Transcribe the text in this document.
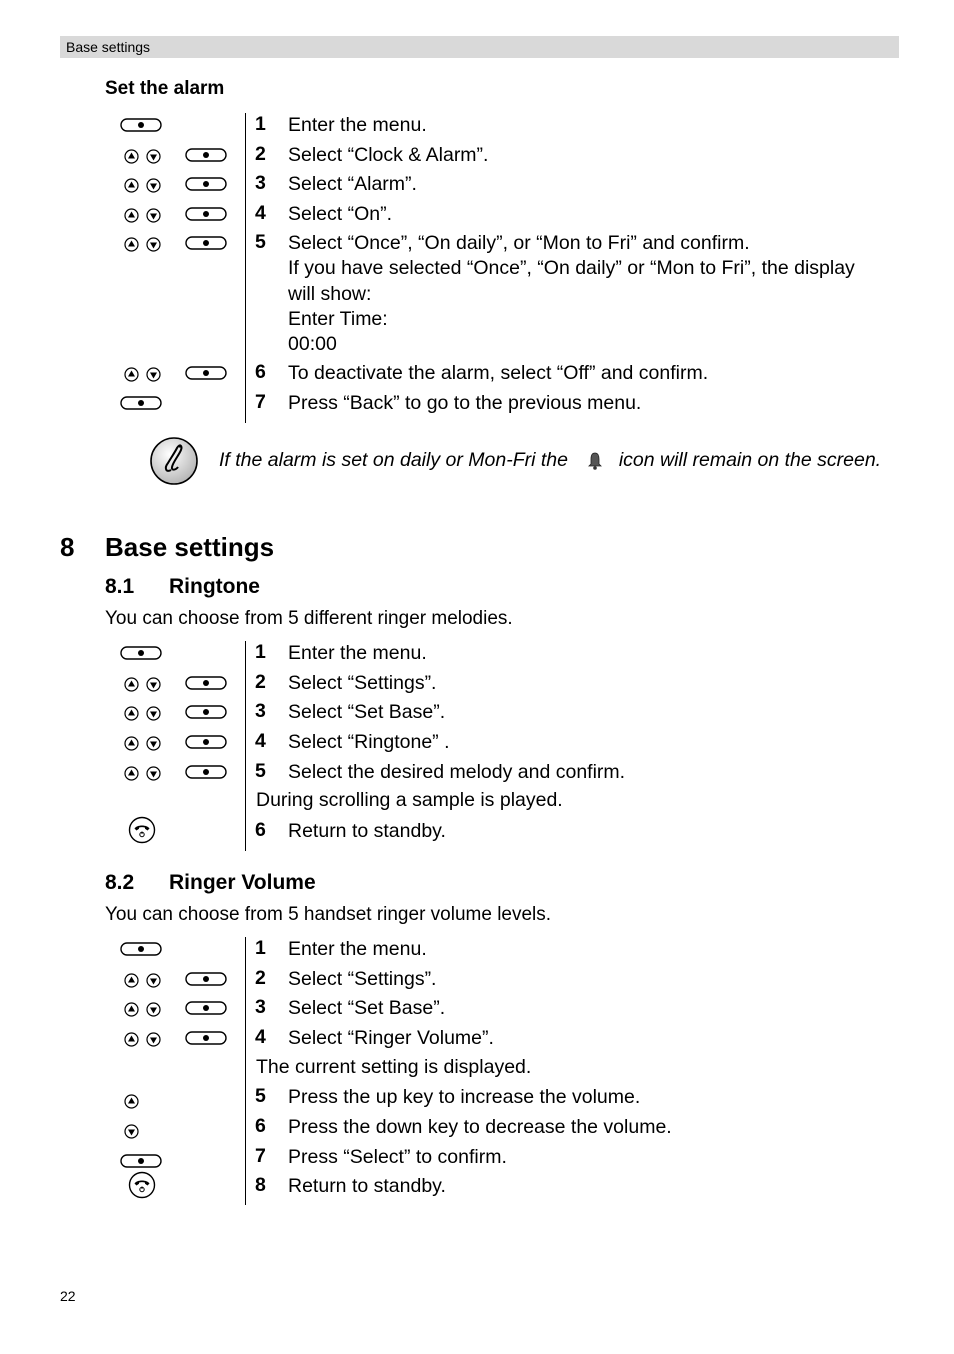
Base settings
Set the alarm
1 Enter the menu.

2 Select “Clock & Alarm”.

3 Select “Alarm”.

4 Select “On”.

5 Select “Once”, “On daily”, or “Mon to Fri” and confirm.
If you have selected “Once”, “On daily” or “Mon to Fri”, the display
will show:
Enter Time:
00:00

6 To deactivate the alarm, select “Off” and confirm.
7 Press “Back” to go to the previous menu.
If the alarm is set on daily or Mon-Fri the	icon will remain on the screen.
8 Base settings
8.1 Ringtone
You can choose from 5 different ringer melodies.
1 Enter the menu.

2 Select “Settings”.

3 Select “Set Base”.

4 Select “Ringtone” .

5 Select the desired melody and confirm.
During scrolling a sample is played.
6 Return to standby.
8.2 Ringer Volume
You can choose from 5 handset ringer volume levels.
1 Enter the menu.

2 Select “Settings”.

3 Select “Set Base”.

4 Select “Ringer Volume”.
The current setting is displayed.
5 Press the up key to increase the volume.
6 Press the down key to decrease the volume.
7 Press “Select” to confirm.
8 Return to standby.
22
